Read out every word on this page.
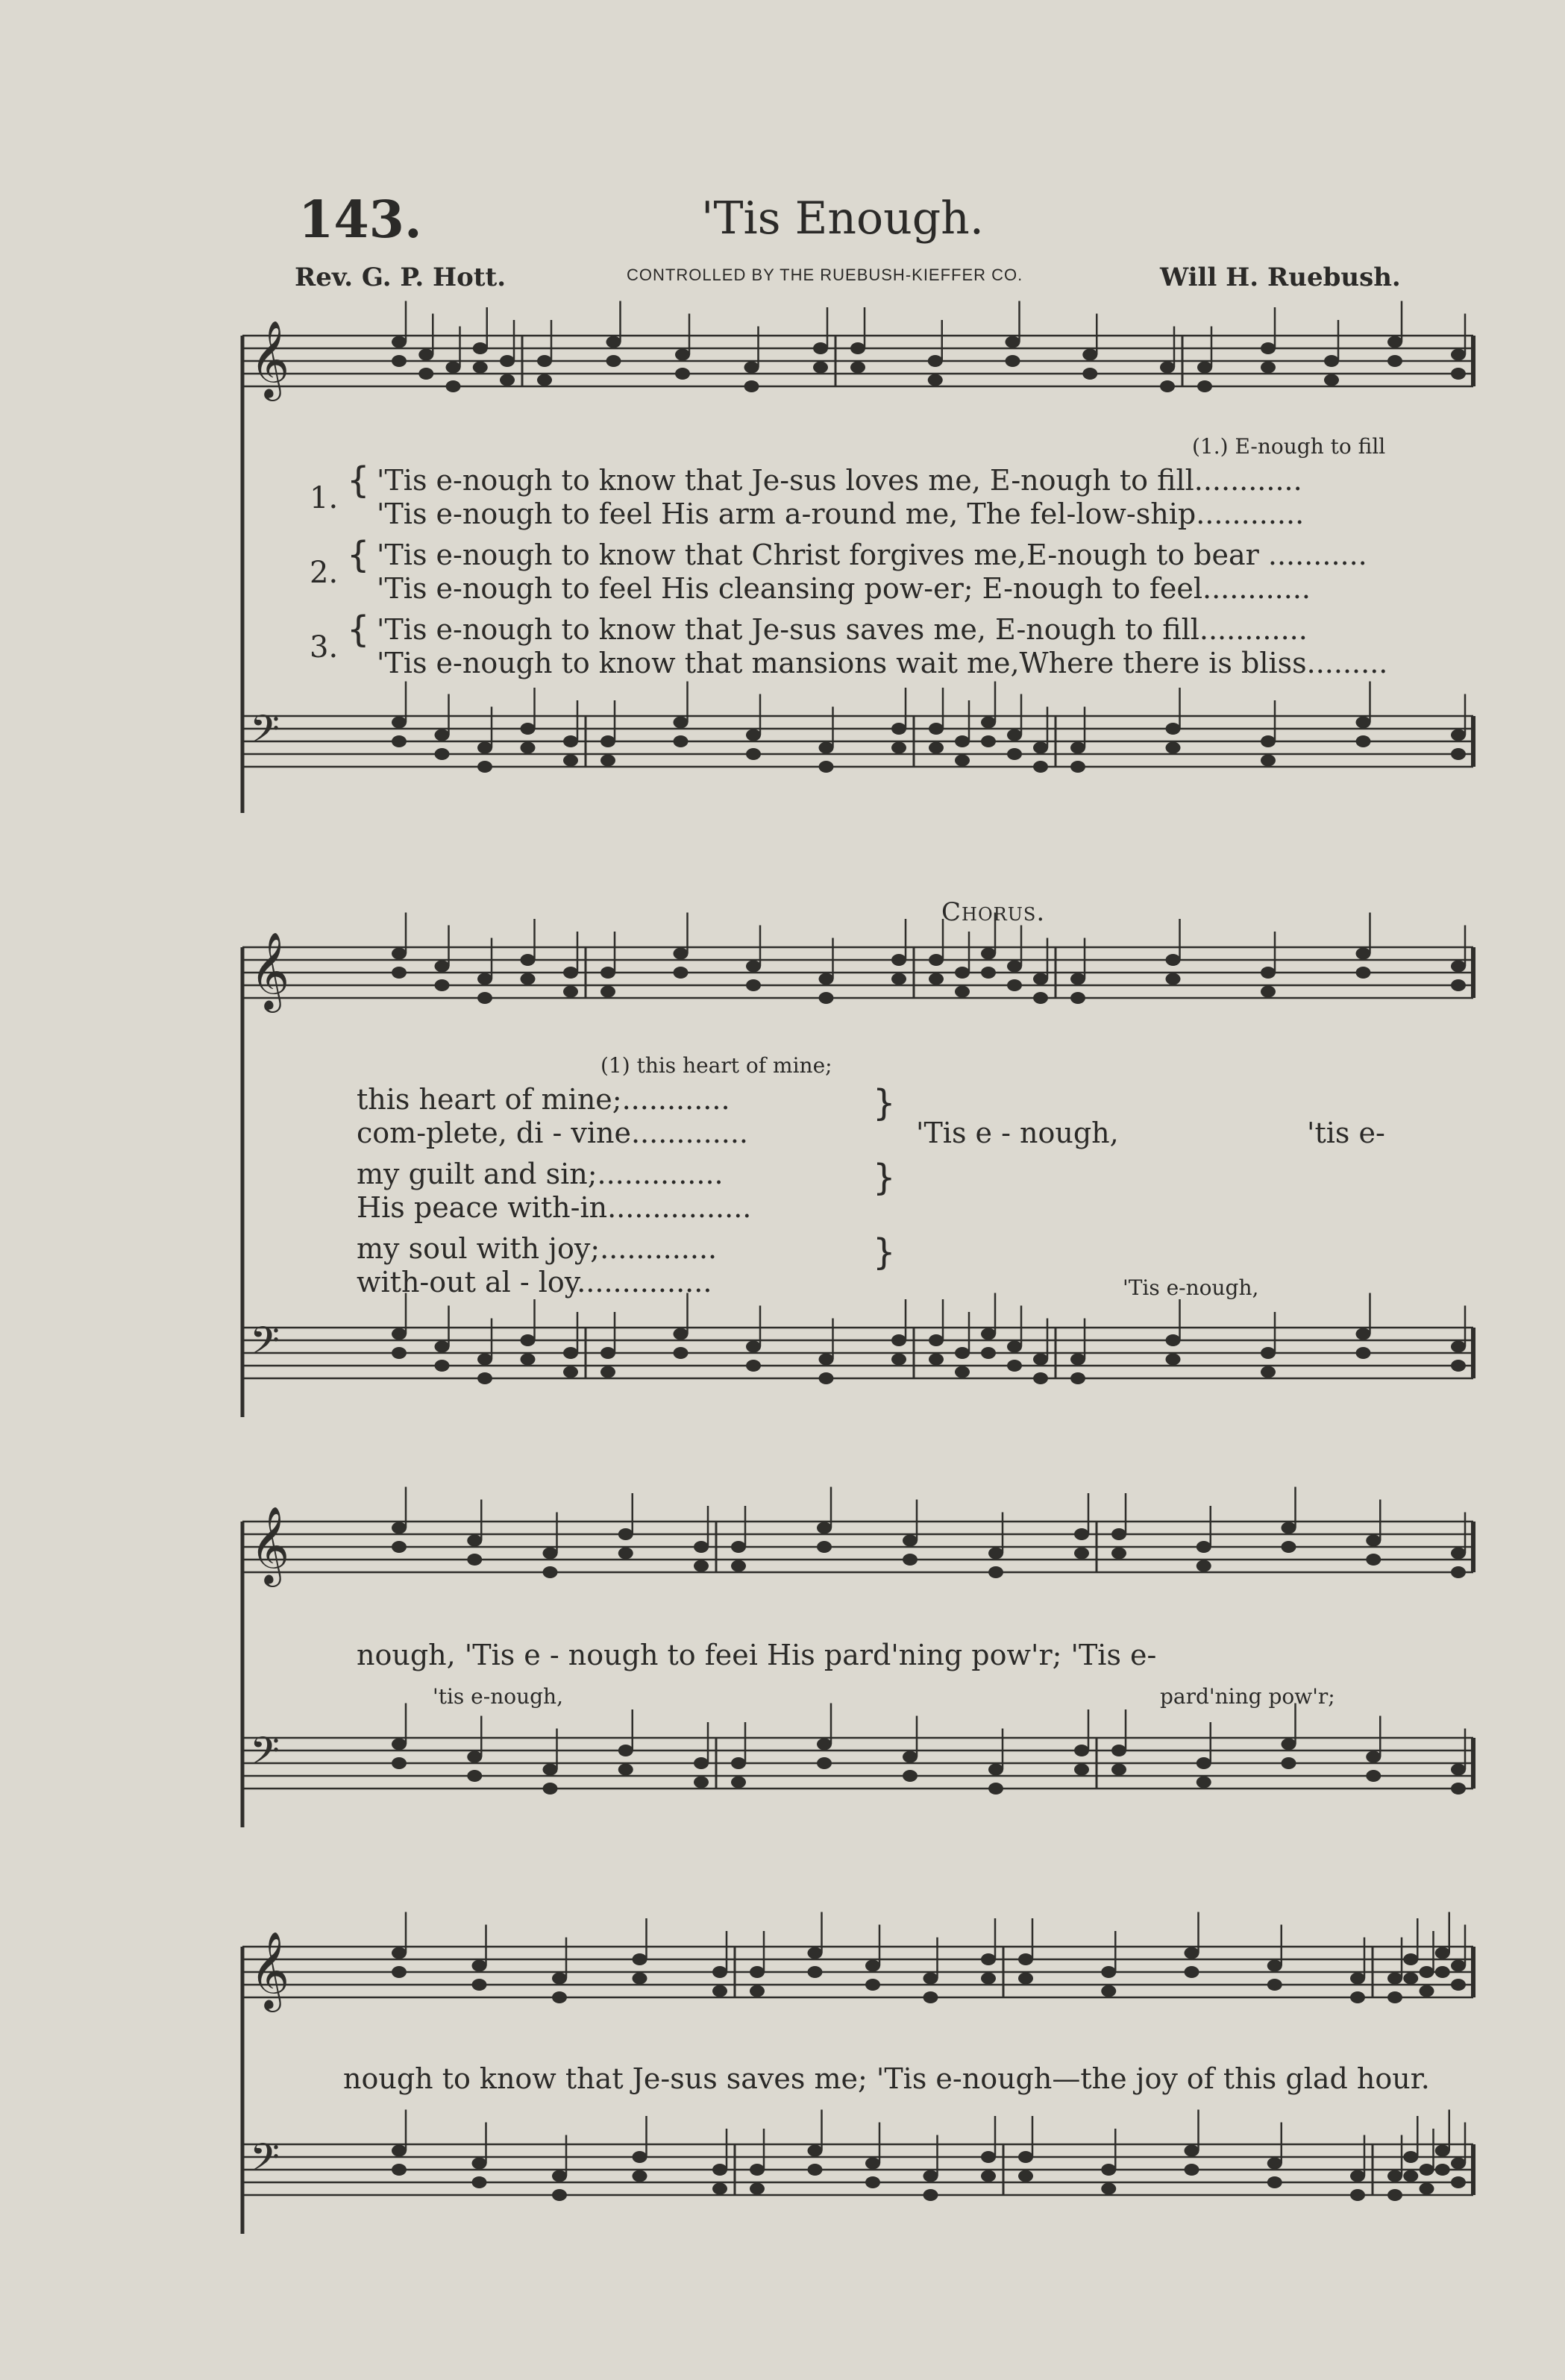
143.	'Tis Enough.
Rev. G. P. Hott.	CONTROLLED BY THE RUEBUSH-KIEFFER CO.	Will H. Ruebush.
𝄞
𝄢
𝄞
𝄢
𝄞
𝄢
𝄞
𝄢
(1.) E-nough to fill
1. { 'Tis e-nough to know that Je-sus loves me, E-nough to fill............
'Tis e-nough to feel His arm a-round me, The fel-low-ship............
2. { 'Tis e-nough to know that Christ forgives me,E-nough to bear ...........
'Tis e-nough to feel His cleansing pow-er; E-nough to feel............
3. { 'Tis e-nough to know that Je-sus saves me, E-nough to fill............
'Tis e-nough to know that mansions wait me,Where there is bliss.........
Chorus.
(1) this heart of mine;
this heart of mine;............
com-plete, di - vine.............
my guilt and sin;..............
His peace with-in................
my soul with joy;.............
with-out al - loy...............
}
}
}
'Tis e - nough,	'tis e-
'Tis e-nough,
nough, 'Tis e - nough to feei His pard'ning pow'r; 'Tis e-
'tis e-nough,	pard'ning pow'r;
nough to know that Je-sus saves me; 'Tis e-nough—the joy of this glad hour.
